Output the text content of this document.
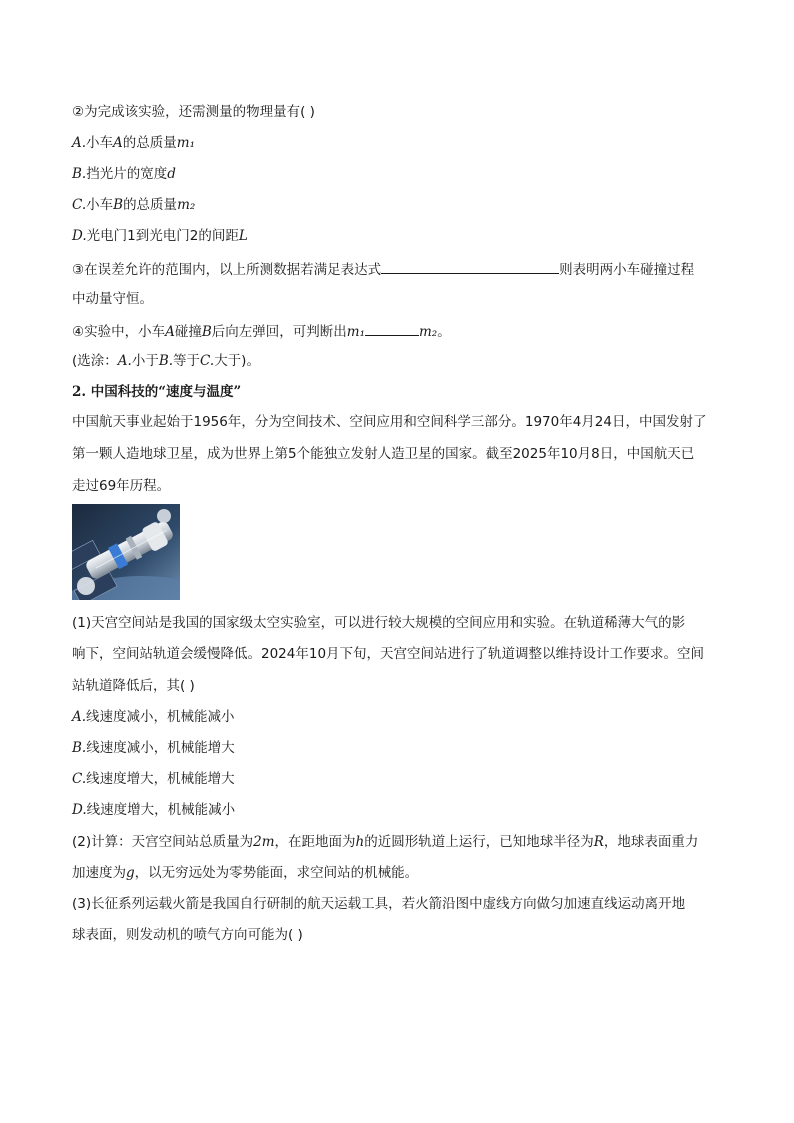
②为完成该实验，还需测量的物理量有( )
A.小车A的总质量m₁
B.挡光片的宽度d
C.小车B的总质量m₂
D.光电门1到光电门2的间距L
③在误差允许的范围内，以上所测数据若满足表达式	则表明两小车碰撞过程
中动量守恒。
④实验中，小车A碰撞B后向左弹回，可判断出m₁	m₂。
(选涂：A.小于B.等于C.大于)。
2. 中国科技的“速度与温度”
中国航天事业起始于1956年，分为空间技术、空间应用和空间科学三部分。1970年4月24日，中国发射了
第一颗人造地球卫星，成为世界上第5个能独立发射人造卫星的国家。截至2025年10月8日，中国航天已
走过69年历程。
(1)天宫空间站是我国的国家级太空实验室，可以进行较大规模的空间应用和实验。在轨道稀薄大气的影
响下，空间站轨道会缓慢降低。2024年10月下旬，天宫空间站进行了轨道调整以维持设计工作要求。空间
站轨道降低后，其( )
A.线速度减小，机械能减小
B.线速度减小，机械能增大
C.线速度增大，机械能增大
D.线速度增大，机械能减小
(2)计算：天宫空间站总质量为2m，在距地面为h的近圆形轨道上运行，已知地球半径为R，地球表面重力
加速度为g，以无穷远处为零势能面，求空间站的机械能。
(3)长征系列运载火箭是我国自行研制的航天运载工具，若火箭沿图中虚线方向做匀加速直线运动离开地
球表面，则发动机的喷气方向可能为( )
